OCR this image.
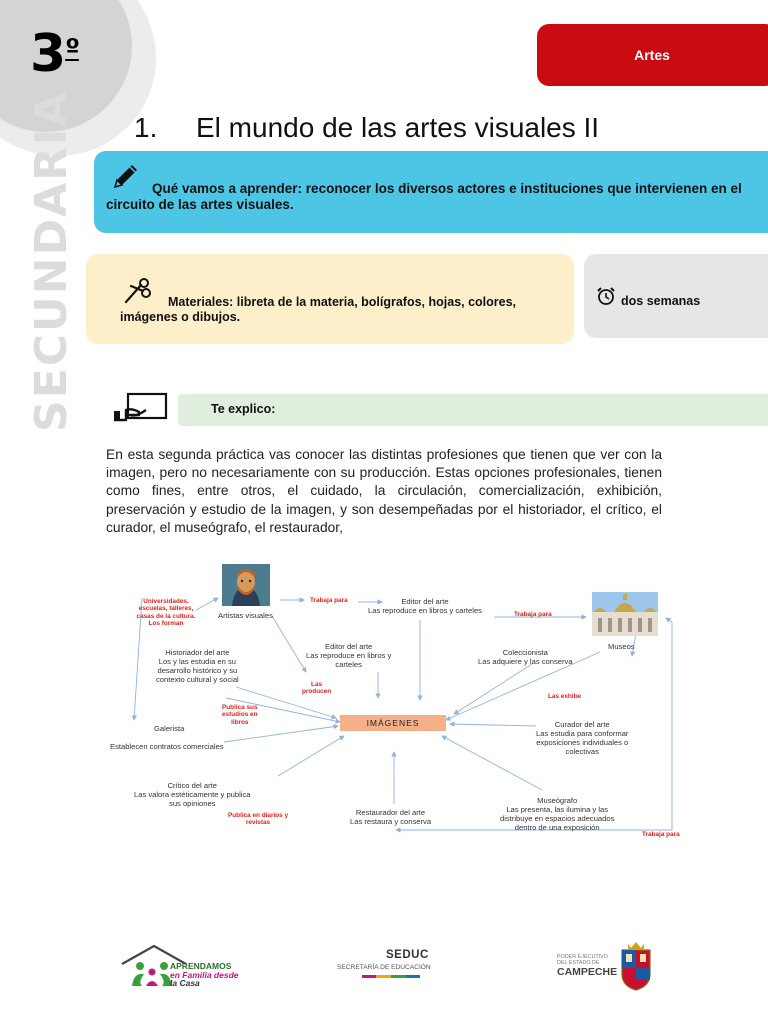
$3^º$
SECUNDARIA
Artes
1. El mundo de las artes visuales II
Qué vamos a aprender: reconocer los diversos actores e instituciones que intervienen en el circuito de las artes visuales.
Materiales: libreta de la materia, bolígrafos, hojas, colores, imágenes o dibujos.
dos semanas
Te explico:
En esta segunda práctica vas conocer las distintas profesiones que tienen que ver con la imagen, pero no necesariamente con su producción. Estas opciones profesionales, tienen como fines, entre otros, el cuidado, la circulación, comercialización, exhibición, preservación y estudio de la imagen, y son desempeñadas por el historiador, el crítico, el curador, el museógrafo, el restaurador,
IMÁGENES
Universidades, escuelas, talleres, casas de la cultura. Los forman
Artistas visuales
Trabaja para	Editor del arte
Las reproduce en libros y carteles	Trabaja para
Museos
Historiador del arte
Los y las estudia en su
desarrollo histórico y su
contexto cultural y social
Editor del arte
Las reproduce en libros y
carteles
Coleccionista
Las adquiere y las conserva
Las
producen
Las exhibe
Publica sus
estudios en
libros
Galerista
Establecen contratos comerciales
Curador del arte
Las estudia para conformar
exposiciones individuales o
colectivas
Crítico del arte
Las valora estéticamente y publica
sus opiniones
Publica en diarios y
revistas
Restaurador del arte
Las restaura y conserva
Museógrafo
Las presenta, las ilumina y las
distribuye en espacios adecuados
dentro de una exposición
Trabaja para
APRENDAMOS
en Familia desde
la Casa
SEDUC
SECRETARÍA DE EDUCACIÓN
PODER EJECUTIVO
DEL ESTADO DE
CAMPECHE
